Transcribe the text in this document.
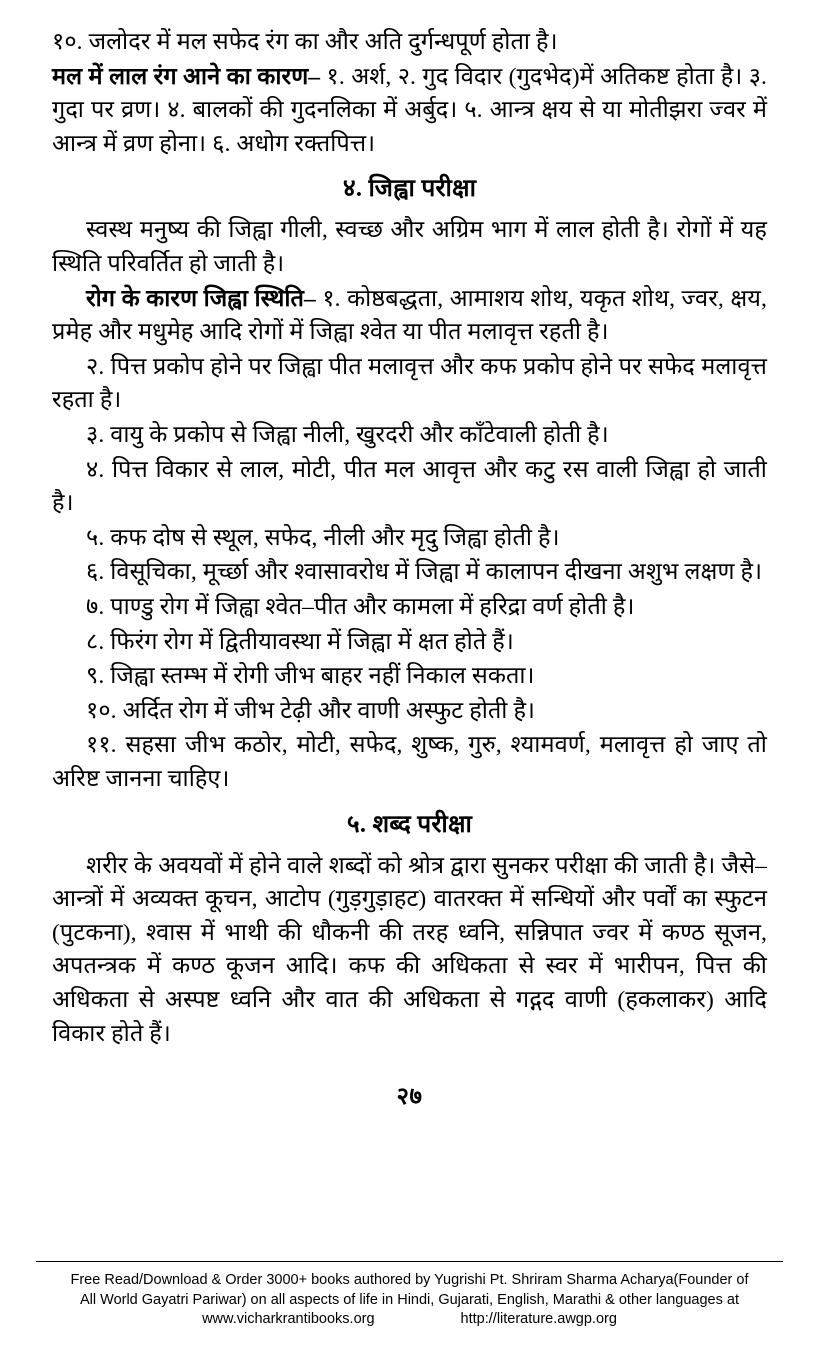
१०. जलोदर में मल सफेद रंग का और अति दुर्गन्धपूर्ण होता है।

मल में लाल रंग आने का कारण– १. अर्श, २. गुद विदार (गुदभेद)में अतिकष्ट होता है। ३. गुदा पर व्रण। ४. बालकों की गुदनलिका में अर्बुद। ५. आन्त्र क्षय से या मोतीझरा ज्वर में आन्त्र में व्रण होना। ६. अधोग रक्तपित्त।

४. जिह्वा परीक्षा

स्वस्थ मनुष्य की जिह्वा गीली, स्वच्छ और अग्रिम भाग में लाल होती है। रोगों में यह स्थिति परिवर्तित हो जाती है।

रोग के कारण जिह्वा स्थिति– १. कोष्ठबद्धता, आमाशय शोथ, यकृत शोथ, ज्वर, क्षय, प्रमेह और मधुमेह आदि रोगों में जिह्वा श्वेत या पीत मलावृत्त रहती है।

२. पित्त प्रकोप होने पर जिह्वा पीत मलावृत्त और कफ प्रकोप होने पर सफेद मलावृत्त रहता है।

३. वायु के प्रकोप से जिह्वा नीली, खुरदरी और काँटेवाली होती है।

४. पित्त विकार से लाल, मोटी, पीत मल आवृत्त और कटु रस वाली जिह्वा हो जाती है।

५. कफ दोष से स्थूल, सफेद, नीली और मृदु जिह्वा होती है।

६. विसूचिका, मूर्च्छा और श्वासावरोध में जिह्वा में कालापन दीखना अशुभ लक्षण है।

७. पाण्डु रोग में जिह्वा श्वेत–पीत और कामला में हरिद्रा वर्ण होती है।

८. फिरंग रोग में द्वितीयावस्था में जिह्वा में क्षत होते हैं।

९. जिह्वा स्तम्भ में रोगी जीभ बाहर नहीं निकाल सकता।

१०. अर्दित रोग में जीभ टेढ़ी और वाणी अस्फुट होती है।

११. सहसा जीभ कठोर, मोटी, सफेद, शुष्क, गुरु, श्यामवर्ण, मलावृत्त हो जाए तो अरिष्ट जानना चाहिए।

५. शब्द परीक्षा

शरीर के अवयवों में होने वाले शब्दों को श्रोत्र द्वारा सुनकर परीक्षा की जाती है। जैसे– आन्त्रों में अव्यक्त कूचन, आटोप (गुड़गुड़ाहट) वातरक्त में सन्धियों और पर्वों का स्फुटन (पुटकना), श्वास में भाथी की धौकनी की तरह ध्वनि, सन्निपात ज्वर में कण्ठ सूजन, अपतन्त्रक में कण्ठ कूजन आदि। कफ की अधिकता से स्वर में भारीपन, पित्त की अधिकता से अस्पष्ट ध्वनि और वात की अधिकता से गद्गद वाणी (हकलाकर) आदि विकार होते हैं।

२७
Free Read/Download & Order 3000+ books authored by Yugrishi Pt. Shriram Sharma Acharya(Founder of
All World Gayatri Pariwar) on all aspects of life in Hindi, Gujarati, English, Marathi & other languages at
www.vicharkrantibooks.org	http://literature.awgp.org
